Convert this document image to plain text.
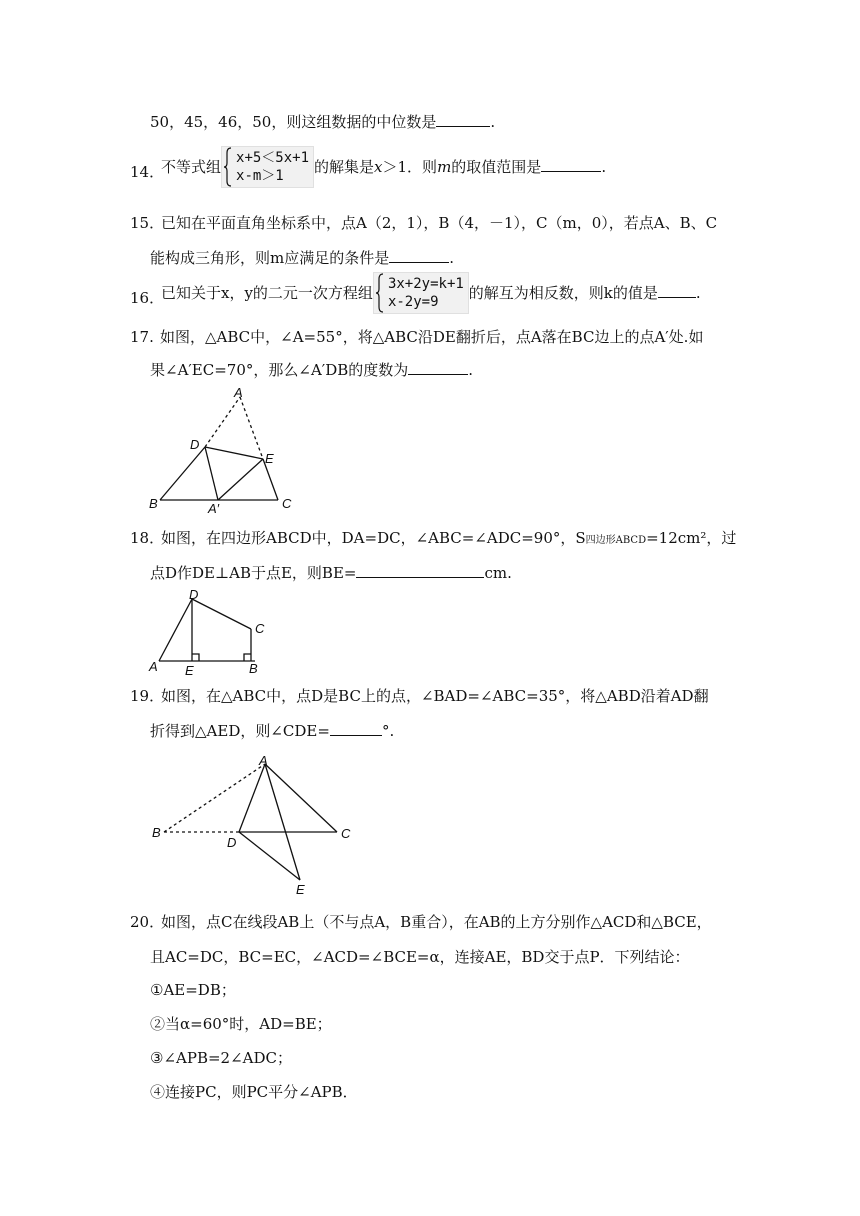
50，45，46，50，则这组数据的中位数是	.
14．
不等式组 x+5＜5x+1
x-m＞1	的解集是x＞1．则m的取值范围是	.
15．
已知在平面直角坐标系中，点A（2，1），B（4，－1），C（m，0），若点A、B、C
能构成三角形，则m应满足的条件是	.
16．
已知关于x，y的二元一次方程组 3x+2y=k+1
x-2y=9	的解互为相反数，则k的值是	.
17. 如图，△ABC中，∠A=55°，将△ABC沿DE翻折后，点A落在BC边上的点A′处.如
果∠A′EC=70°，那么∠A′DB的度数为	.
A
D
E
B	C
A′
18．
如图，在四边形ABCD中，DA=DC，∠ABC=∠ADC=90°，S四边形ABCD=12cm²，过
点D作DE⊥AB于点E，则BE=	cm.
D
C
A E	B
19．
如图，在△ABC中，点D是BC上的点，∠BAD=∠ABC=35°，将△ABD沿着AD翻
折得到△AED，则∠CDE=	°.
A
B
D
C
E
20．
如图，点C在线段AB上（不与点A，B重合），在AB的上方分别作△ACD和△BCE，
且AC=DC，BC=EC，∠ACD=∠BCE=α，连接AE，BD交于点P．下列结论：
①AE=DB；
②当α=60°时，AD=BE；
③∠APB=2∠ADC；
④连接PC，则PC平分∠APB．
